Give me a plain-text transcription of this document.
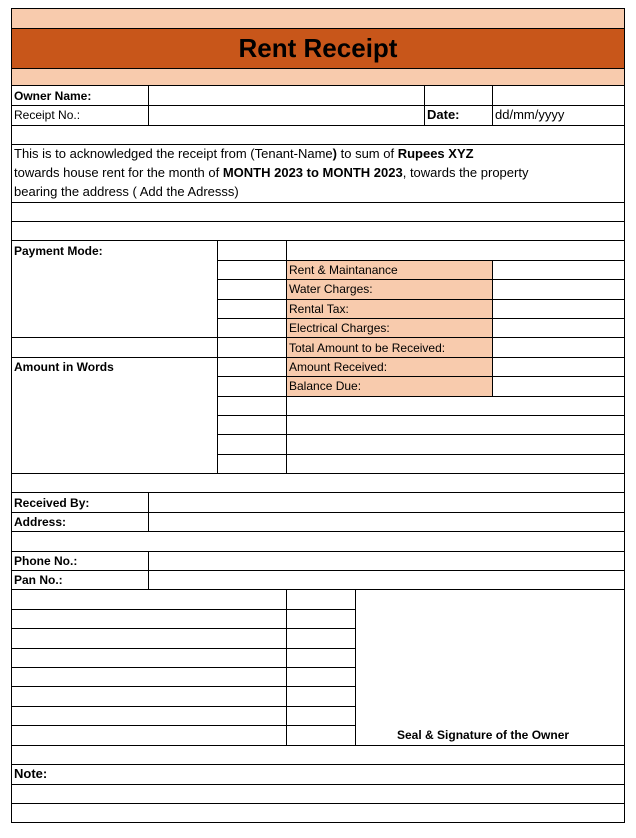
Rent Receipt
Owner Name:
Receipt No.:	Date:	dd/mm/yyyy
This is to acknowledged the receipt from (Tenant-Name) to sum of Rupees XYZ
towards house rent for the month of MONTH 2023 to MONTH 2023, towards the property
bearing the address ( Add the Adresss)
Payment Mode:
Amount in Words
Rent & Maintanance
Water Charges:
Rental Tax:
Electrical Charges:
Total Amount to be Received:
Amount Received:
Balance Due:
Received By:
Address:
Phone No.:
Pan No.:
Seal & Signature of the Owner
Note:
